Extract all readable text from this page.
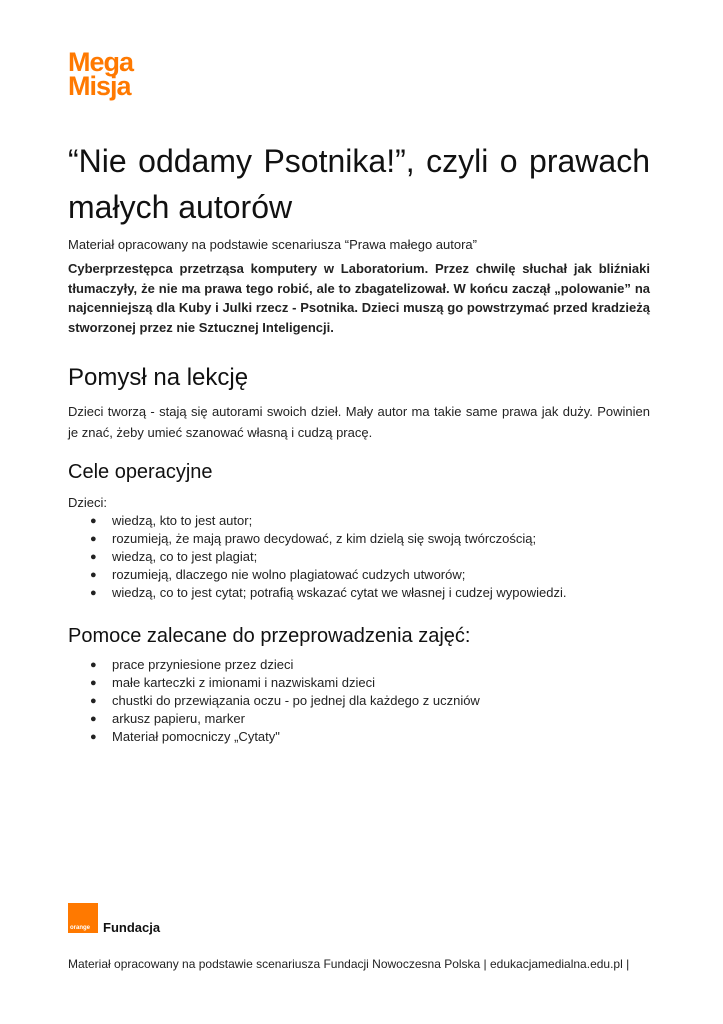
Mega
Misja
“Nie oddamy Psotnika!”, czyli o prawach małych autorów

Materiał opracowany na podstawie scenariusza “Prawa małego autora”

Cyberprzestępca przetrząsa komputery w Laboratorium. Przez chwilę słuchał jak bliźniaki tłumaczyły, że nie ma prawa tego robić, ale to zbagatelizował. W końcu zaczął „polowanie” na najcenniejszą dla Kuby i Julki rzecz - Psotnika. Dzieci muszą go powstrzymać przed kradzieżą stworzonej przez nie Sztucznej Inteligencji.

Pomysł na lekcję

Dzieci tworzą - stają się autorami swoich dzieł. Mały autor ma takie same prawa jak duży. Powinien je znać, żeby umieć szanować własną i cudzą pracę.

Cele operacyjne

Dzieci:

● wiedzą, kto to jest autor;
● rozumieją, że mają prawo decydować, z kim dzielą się swoją twórczością;
● wiedzą, co to jest plagiat;
● rozumieją, dlaczego nie wolno plagiatować cudzych utworów;
● wiedzą, co to jest cytat; potrafią wskazać cytat we własnej i cudzej wypowiedzi.
Pomoce zalecane do przeprowadzenia zajęć:
● prace przyniesione przez dzieci
● małe karteczki z imionami i nazwiskami dzieci
● chustki do przewiązania oczu - po jednej dla każdego z uczniów
● arkusz papieru, marker
● Materiał pomocniczy „Cytaty"
orange Fundacja
Materiał opracowany na podstawie scenariusza Fundacji Nowoczesna Polska | edukacjamedialna.edu.pl |
